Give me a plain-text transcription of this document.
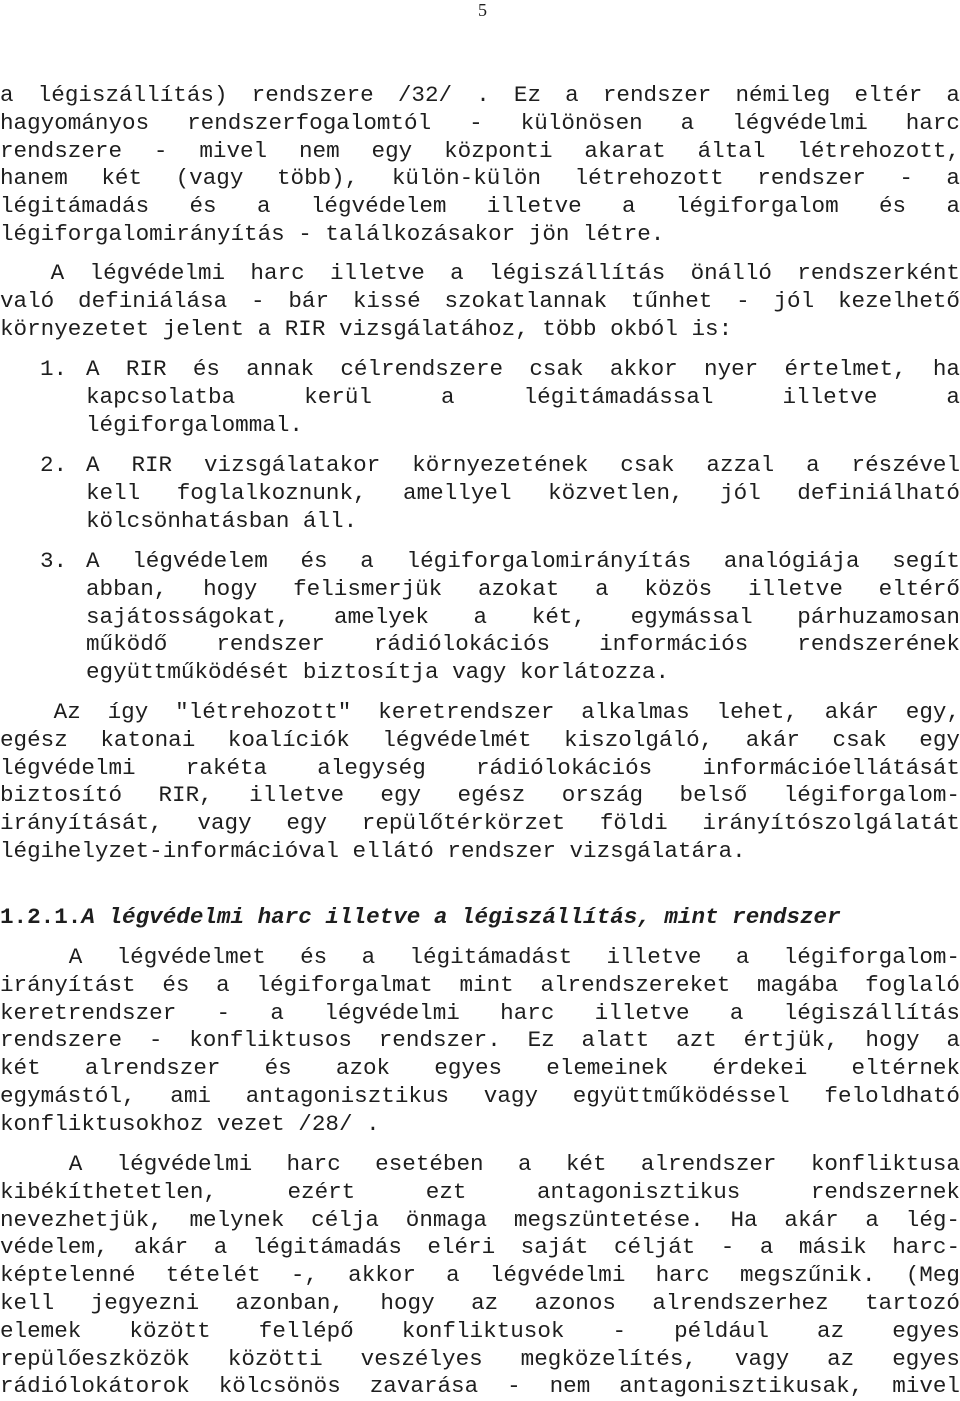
5
a légiszállítás) rendszere /32/ . Ez a rendszer némileg eltér a
hagyományos rendszerfogalomtól - különösen a légvédelmi harc
rendszere - mivel nem egy központi akarat által létrehozott,
hanem két (vagy több), külön-külön létrehozott rendszer - a
légitámadás és a légvédelem illetve a légiforgalom és a
légiforgalomirányítás - találkozásakor jön létre.
A légvédelmi harc illetve a légiszállítás önálló rendszerként
való definiálása - bár kissé szokatlannak tűnhet - jól kezelhető
környezetet jelent a RIR vizsgálatához, több okból is:
1. A RIR és annak célrendszere csak akkor nyer értelmet, ha
kapcsolatba kerül a légitámadással illetve a
légiforgalommal.
2. A RIR vizsgálatakor környezetének csak azzal a részével
kell foglalkoznunk, amellyel közvetlen, jól definiálható
kölcsönhatásban áll.
3. A légvédelem és a légiforgalomirányítás analógiája segít
abban, hogy felismerjük azokat a közös illetve eltérő
sajátosságokat, amelyek a két, egymással párhuzamosan
működő rendszer rádiólokációs információs rendszerének
együttműködését biztosítja vagy korlátozza.
Az így "létrehozott" keretrendszer alkalmas lehet, akár egy,
egész katonai koalíciók légvédelmét kiszolgáló, akár csak egy
légvédelmi rakéta alegység rádiólokációs információellátását
biztosító RIR, illetve egy egész ország belső légiforgalom-
irányítását, vagy egy repülőtérkörzet földi irányítószolgálatát
légihelyzet-információval ellátó rendszer vizsgálatára.
1.2.1.A légvédelmi harc illetve a légiszállítás, mint rendszer
A légvédelmet és a légitámadást illetve a légiforgalom-
irányítást és a légiforgalmat mint alrendszereket magába foglaló
keretrendszer - a légvédelmi harc illetve a légiszállítás
rendszere - konfliktusos rendszer. Ez alatt azt értjük, hogy a
két alrendszer és azok egyes elemeinek érdekei eltérnek
egymástól, ami antagonisztikus vagy együttműködéssel feloldható
konfliktusokhoz vezet /28/ .
A légvédelmi harc esetében a két alrendszer konfliktusa
kibékíthetetlen, ezért ezt antagonisztikus rendszernek
nevezhetjük, melynek célja önmaga megszüntetése. Ha akár a lég-
védelem, akár a légitámadás eléri saját célját - a másik harc-
képtelenné tételét -, akkor a légvédelmi harc megszűnik. (Meg
kell jegyezni azonban, hogy az azonos alrendszerhez tartozó
elemek között fellépő konfliktusok - például az egyes
repülőeszközök közötti veszélyes megközelítés, vagy az egyes
rádiólokátorok kölcsönös zavarása - nem antagonisztikusak, mivel
